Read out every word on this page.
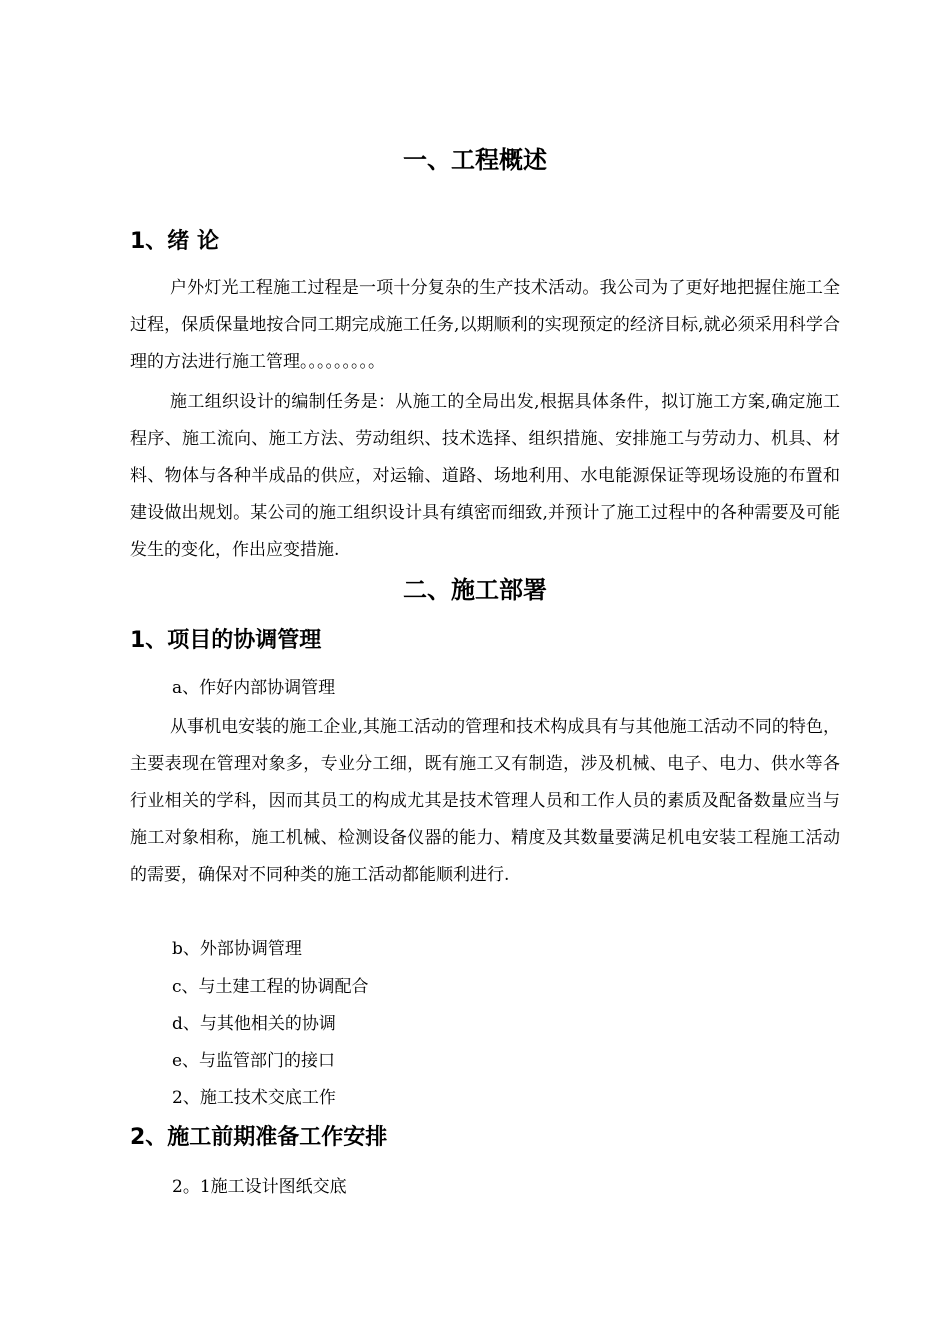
一、工程概述
1、绪 论

户外灯光工程施工过程是一项十分复杂的生产技术活动。我公司为了更好地把握住施工全过程，保质保量地按合同工期完成施工任务,以期顺利的实现预定的经济目标,就必须采用科学合理的方法进行施工管理。。。。。。。。。

施工组织设计的编制任务是：从施工的全局出发,根据具体条件，拟订施工方案,确定施工程序、施工流向、施工方法、劳动组织、技术选择、组织措施、安排施工与劳动力、机具、材料、物体与各种半成品的供应，对运输、道路、场地利用、水电能源保证等现场设施的布置和建设做出规划。某公司的施工组织设计具有缜密而细致,并预计了施工过程中的各种需要及可能发生的变化，作出应变措施.

二、施工部署
1、项目的协调管理

a、作好内部协调管理

从事机电安装的施工企业,其施工活动的管理和技术构成具有与其他施工活动不同的特色，主要表现在管理对象多，专业分工细，既有施工又有制造，涉及机械、电子、电力、供水等各行业相关的学科，因而其员工的构成尤其是技术管理人员和工作人员的素质及配备数量应当与施工对象相称，施工机械、检测设备仪器的能力、精度及其数量要满足机电安装工程施工活动的需要，确保对不同种类的施工活动都能顺利进行.

b、外部协调管理

c、与土建工程的协调配合

d、与其他相关的协调

e、与监管部门的接口

2、施工技术交底工作

2、施工前期准备工作安排

2。1施工设计图纸交底
